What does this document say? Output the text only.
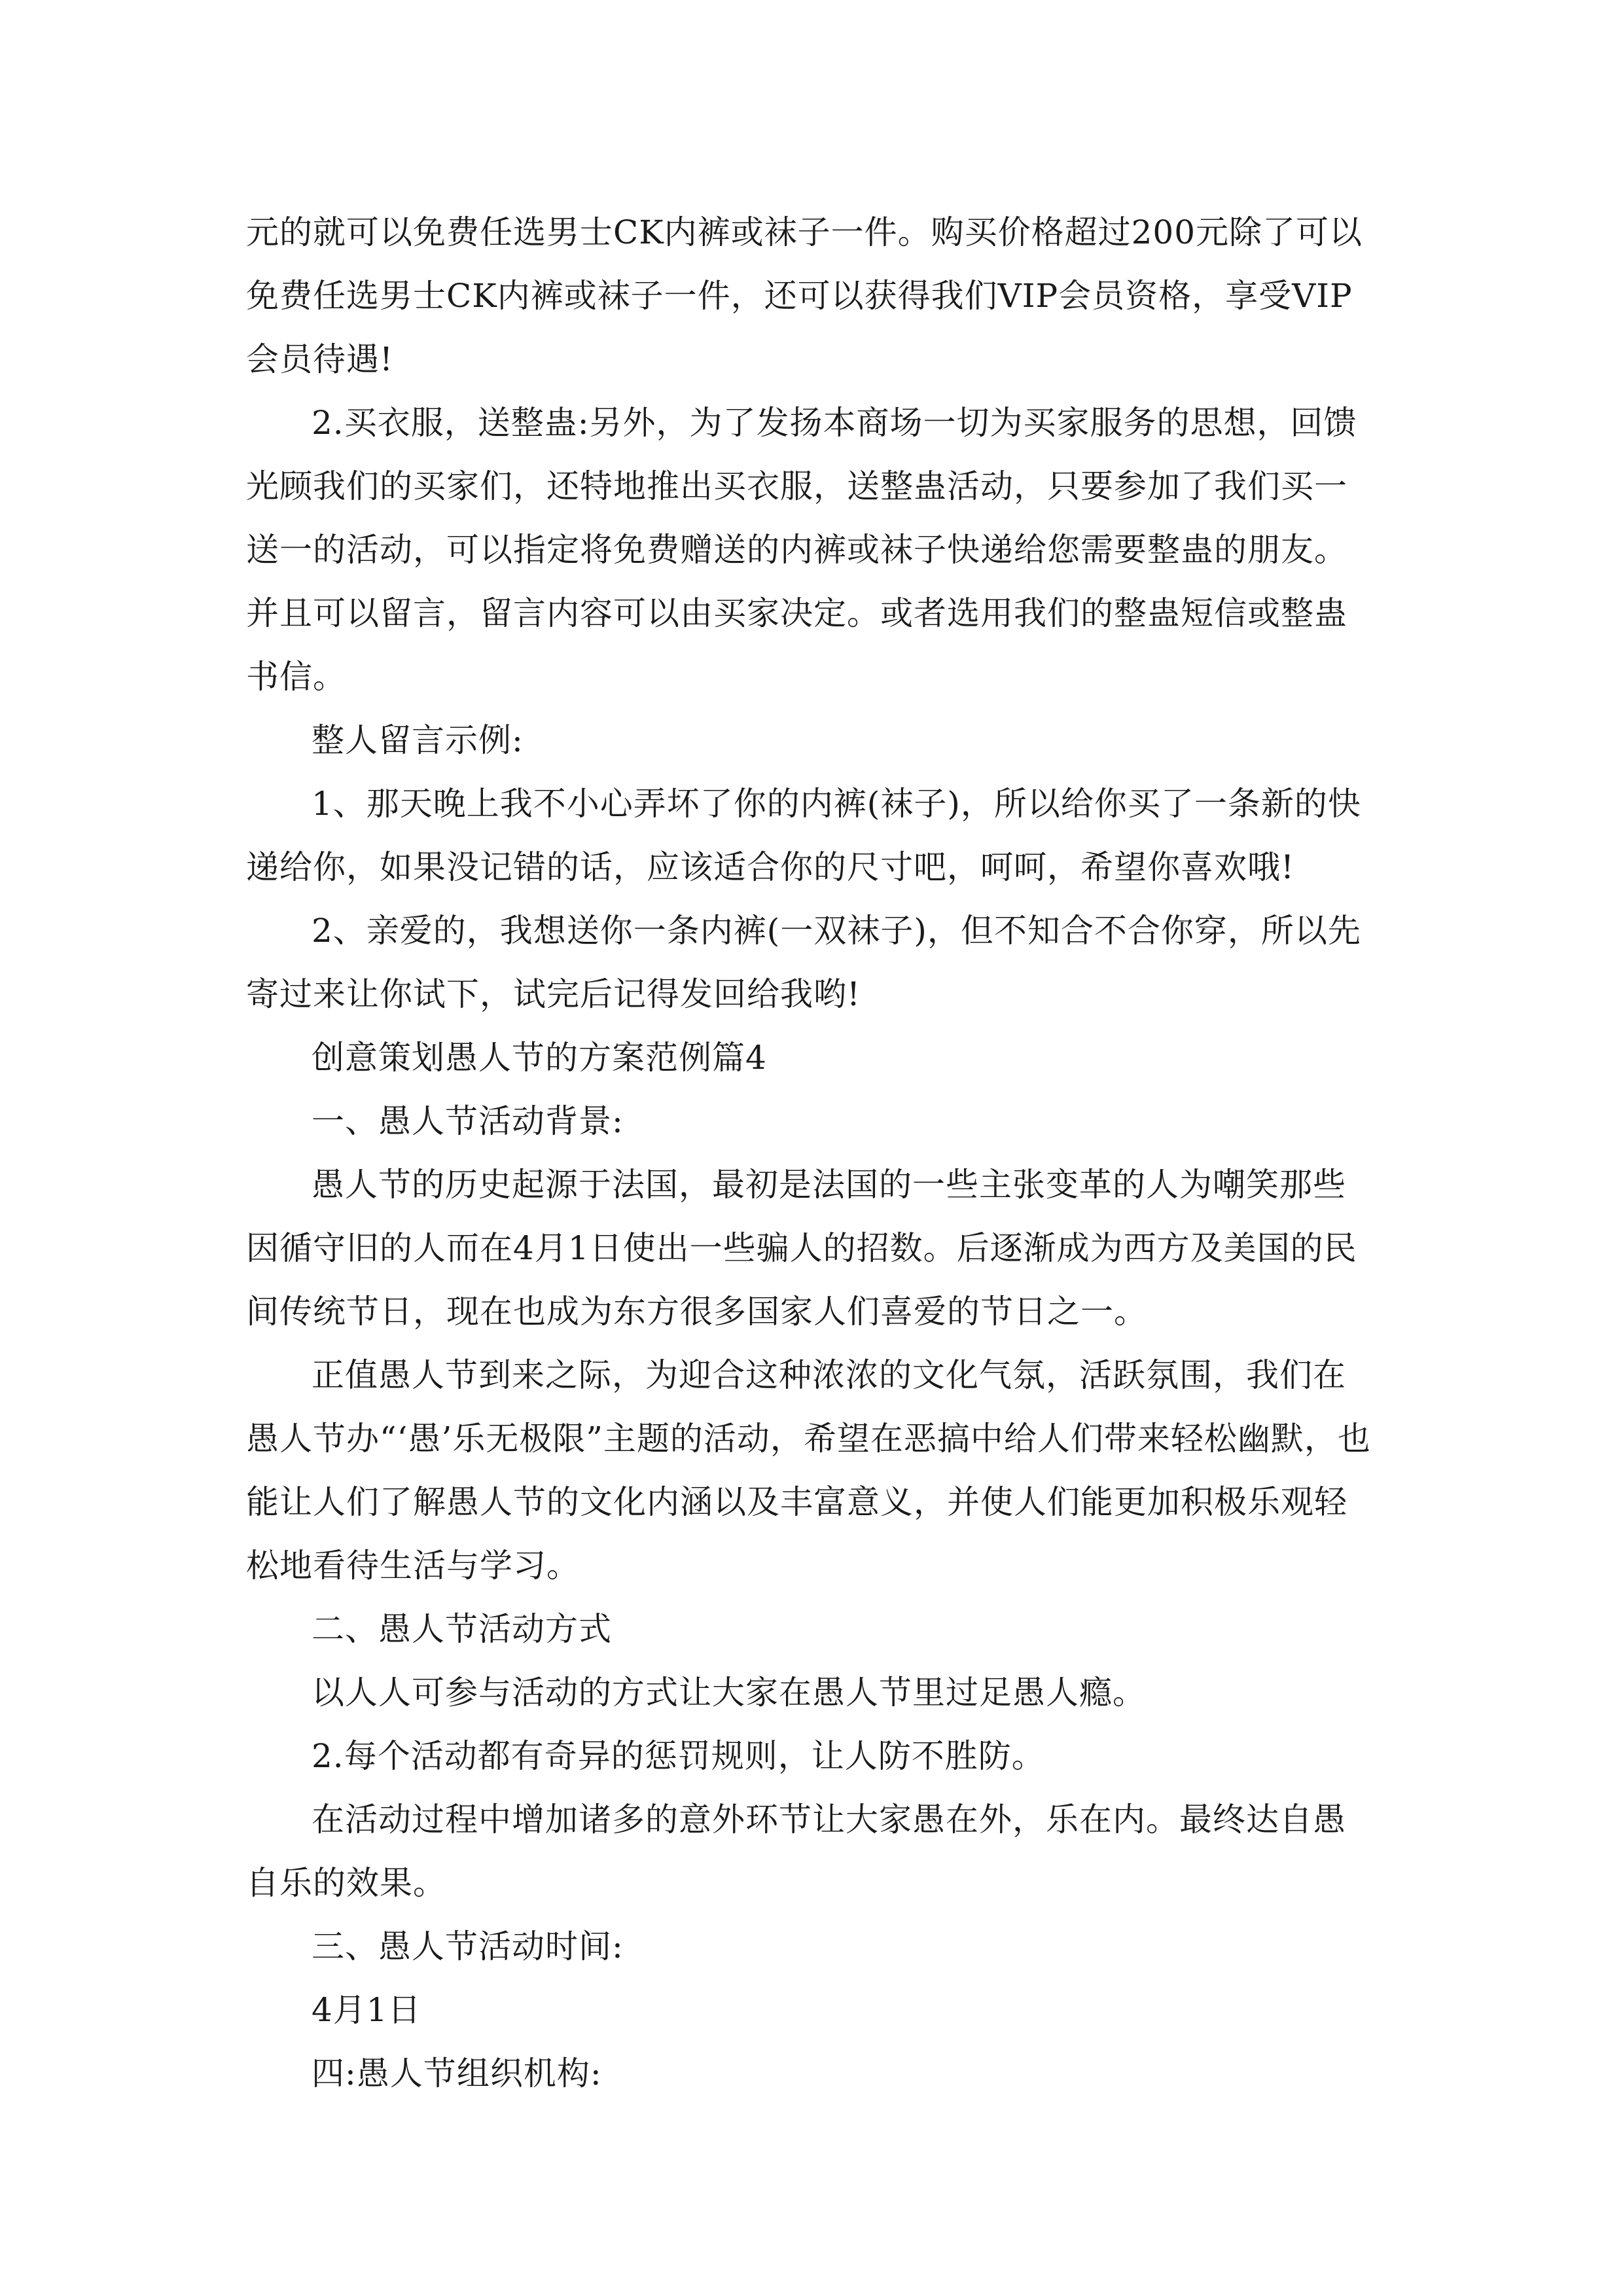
元的就可以免费任选男士CK内裤或袜子一件。购买价格超过200元除了可以免费任选男士CK内裤或袜子一件，还可以获得我们VIP会员资格，享受VIP会员待遇!

2.买衣服，送整蛊:另外，为了发扬本商场一切为买家服务的思想，回馈光顾我们的买家们，还特地推出买衣服，送整蛊活动，只要参加了我们买一送一的活动，可以指定将免费赠送的内裤或袜子快递给您需要整蛊的朋友。并且可以留言，留言内容可以由买家决定。或者选用我们的整蛊短信或整蛊书信。

整人留言示例:

1、那天晚上我不小心弄坏了你的内裤(袜子)，所以给你买了一条新的快递给你，如果没记错的话，应该适合你的尺寸吧，呵呵，希望你喜欢哦!

2、亲爱的，我想送你一条内裤(一双袜子)，但不知合不合你穿，所以先寄过来让你试下，试完后记得发回给我哟!

创意策划愚人节的方案范例篇4

一、愚人节活动背景:

愚人节的历史起源于法国，最初是法国的一些主张变革的人为嘲笑那些因循守旧的人而在4月1日使出一些骗人的招数。后逐渐成为西方及美国的民间传统节日，现在也成为东方很多国家人们喜爱的节日之一。

正值愚人节到来之际，为迎合这种浓浓的文化气氛，活跃氛围，我们在愚人节办“‘愚’乐无极限”主题的活动，希望在恶搞中给人们带来轻松幽默，也能让人们了解愚人节的文化内涵以及丰富意义，并使人们能更加积极乐观轻松地看待生活与学习。

二、愚人节活动方式

以人人可参与活动的方式让大家在愚人节里过足愚人瘾。

2.每个活动都有奇异的惩罚规则，让人防不胜防。

在活动过程中增加诸多的意外环节让大家愚在外，乐在内。最终达自愚自乐的效果。

三、愚人节活动时间:

4月1日

四:愚人节组织机构:
